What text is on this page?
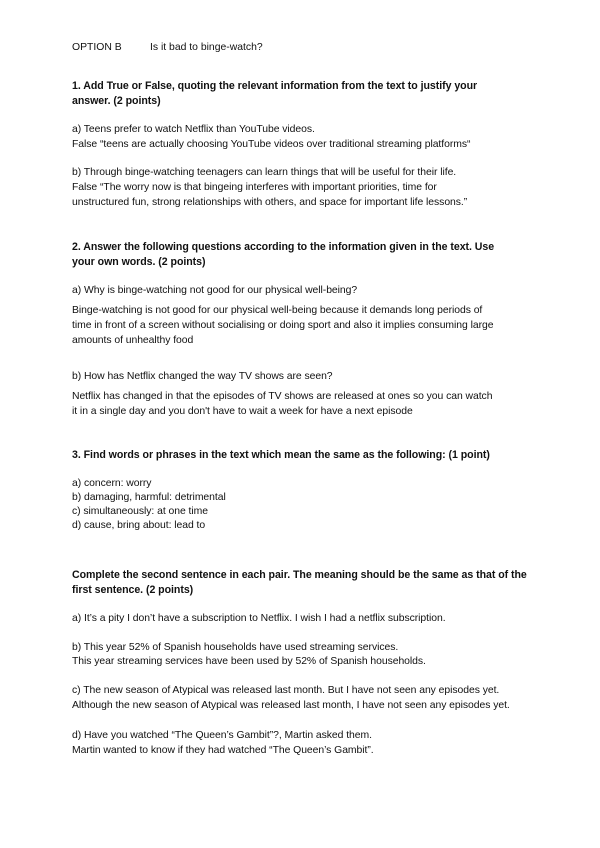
OPTION B	Is it bad to binge-watch?

1. Add True or False, quoting the relevant information from the text to justify your

answer. (2 points)

a) Teens prefer to watch Netflix than YouTube videos.

False “teens are actually choosing YouTube videos over traditional streaming platforms“

b) Through binge-watching teenagers can learn things that will be useful for their life.

False “The worry now is that bingeing interferes with important priorities, time for

unstructured fun, strong relationships with others, and space for important life lessons.”

2. Answer the following questions according to the information given in the text. Use

your own words. (2 points)

a) Why is binge-watching not good for our physical well-being?

Binge-watching is not good for our physical well-being because it demands long periods of

time in front of a screen without socialising or doing sport and also it implies consuming large

amounts of unhealthy food

b) How has Netflix changed the way TV shows are seen?

Netflix has changed in that the episodes of TV shows are released at ones so you can watch

it in a single day and you don't have to wait a week for have a next episode

3. Find words or phrases in the text which mean the same as the following: (1 point)

a) concern: worry

b) damaging, harmful: detrimental

c) simultaneously: at one time

d) cause, bring about: lead to

Complete the second sentence in each pair. The meaning should be the same as that of the

first sentence. (2 points)

a) It’s a pity I don’t have a subscription to Netflix. I wish I had a netflix subscription.

b) This year 52% of Spanish households have used streaming services.

This year streaming services have been used by 52% of Spanish households.

c) The new season of Atypical was released last month. But I have not seen any episodes yet.

Although the new season of Atypical was released last month, I have not seen any episodes yet.

d) Have you watched “The Queen’s Gambit”?, Martin asked them.

Martin wanted to know if they had watched “The Queen’s Gambit”.
